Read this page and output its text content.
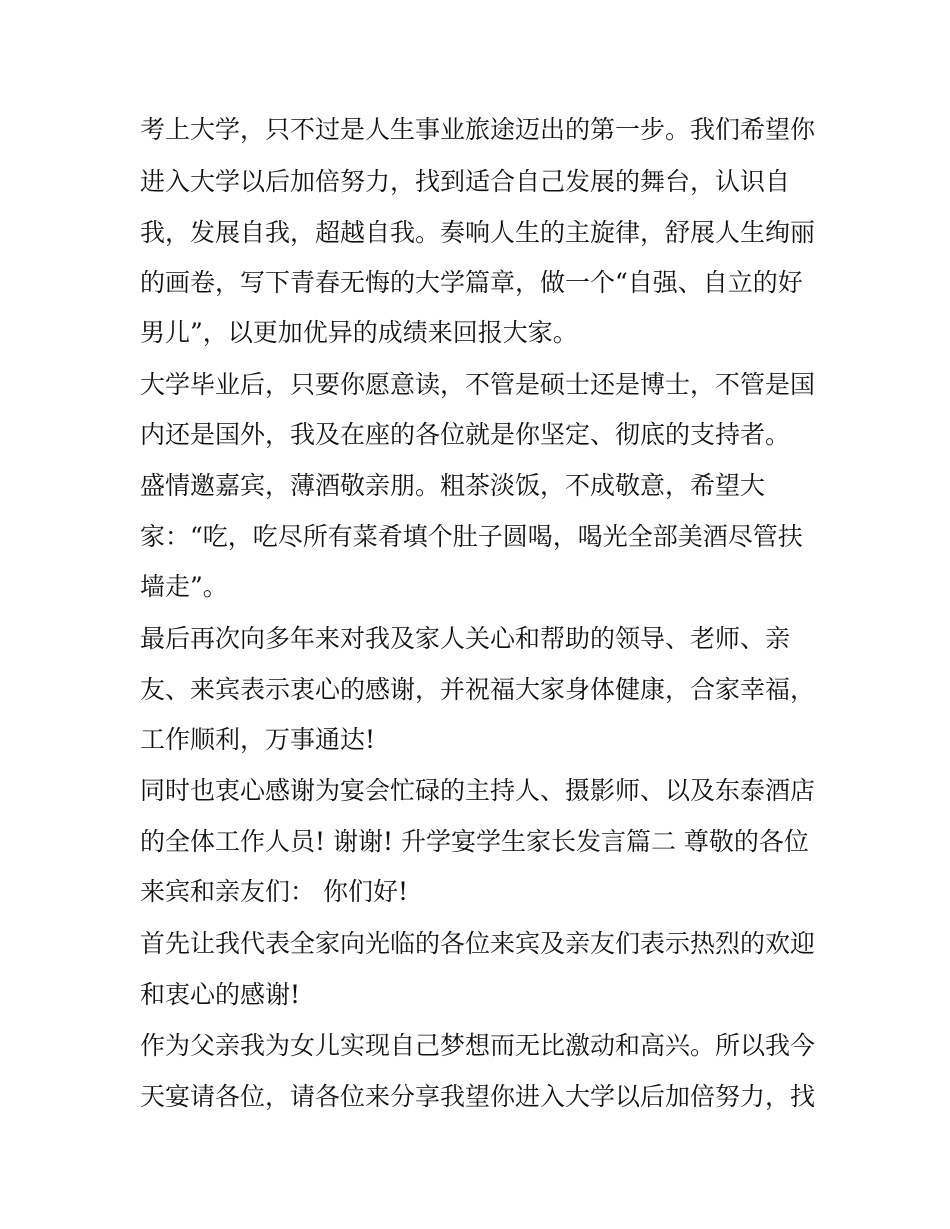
考上大学，只不过是人生事业旅途迈出的第一步。我们希望你

进入大学以后加倍努力，找到适合自己发展的舞台，认识自

我，发展自我，超越自我。奏响人生的主旋律，舒展人生绚丽

的画卷，写下青春无悔的大学篇章，做一个“自强、自立的好

男儿”，以更加优异的成绩来回报大家。

大学毕业后，只要你愿意读，不管是硕士还是博士，不管是国

内还是国外，我及在座的各位就是你坚定、彻底的支持者。

盛情邀嘉宾，薄酒敬亲朋。粗茶淡饭，不成敬意，希望大

家：“吃，吃尽所有菜肴填个肚子圆喝，喝光全部美酒尽管扶

墙走”。

最后再次向多年来对我及家人关心和帮助的领导、老师、亲

友、来宾表示衷心的感谢，并祝福大家身体健康，合家幸福，

工作顺利，万事通达!

同时也衷心感谢为宴会忙碌的主持人、摄影师、以及东泰酒店

的全体工作人员! 谢谢! 升学宴学生家长发言篇二 尊敬的各位

来宾和亲友们： 你们好!

首先让我代表全家向光临的各位来宾及亲友们表示热烈的欢迎

和衷心的感谢!

作为父亲我为女儿实现自己梦想而无比激动和高兴。所以我今

天宴请各位，请各位来分享我望你进入大学以后加倍努力，找
